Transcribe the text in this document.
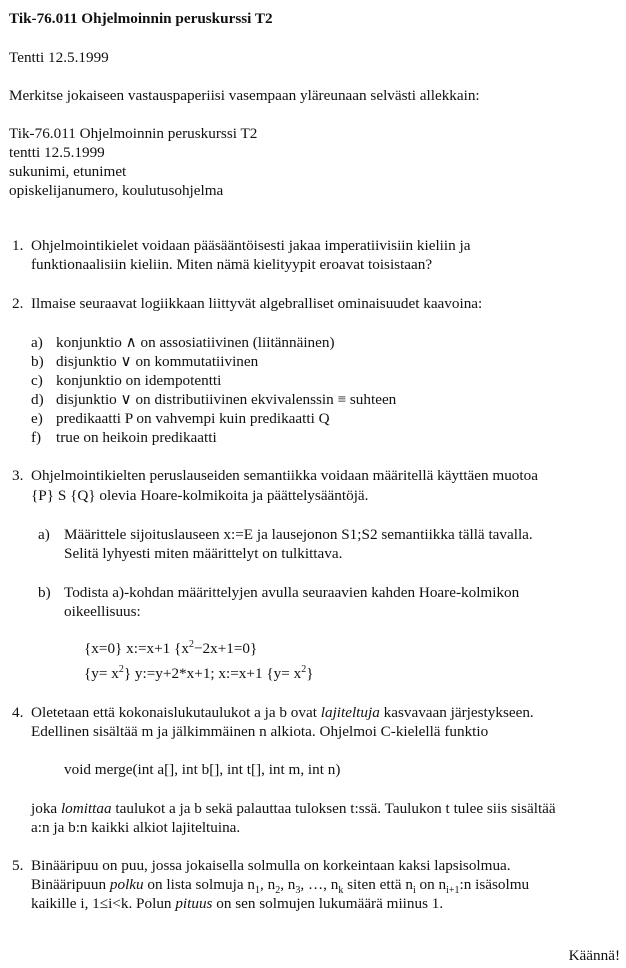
Tik-76.011 Ohjelmoinnin peruskurssi T2
Tentti 12.5.1999
Merkitse jokaiseen vastauspaperiisi vasempaan yläreunaan selvästi allekkain:
Tik-76.011 Ohjelmoinnin peruskurssi T2
tentti 12.5.1999
sukunimi, etunimet
opiskelijanumero, koulutusohjelma
1. Ohjelmointikielet voidaan pääsääntöisesti jakaa imperatiivisiin kieliin ja
funktionaalisiin kieliin. Miten nämä kielityypit eroavat toisistaan?
2. Ilmaise seuraavat logiikkaan liittyvät algebralliset ominaisuudet kaavoina:
a) konjunktio ∧ on assosiatiivinen (liitännäinen)
b) disjunktio ∨ on kommutatiivinen
c) konjunktio on idempotentti
d) disjunktio ∨ on distributiivinen ekvivalenssin ≡ suhteen
e) predikaatti P on vahvempi kuin predikaatti Q
f) true on heikoin predikaatti
3. Ohjelmointikielten peruslauseiden semantiikka voidaan määritellä käyttäen muotoa
{P} S {Q} olevia Hoare-kolmikoita ja päättelysääntöjä.
a) Määrittele sijoituslauseen x:=E ja lausejonon S1;S2 semantiikka tällä tavalla.
Selitä lyhyesti miten määrittelyt on tulkittava.
b) Todista a)-kohdan määrittelyjen avulla seuraavien kahden Hoare-kolmikon
oikeellisuus:
{x=0} x:=x+1 $\{x^2-2x+1=0\}$
$\{y= x^2\}$ y:=y+2*x+1; x:=x+1 $\{y= x^2\}$
4. Oletetaan että kokonaislukutaulukot a ja b ovat lajiteltuja kasvavaan järjestykseen.
Edellinen sisältää m ja jälkimmäinen n alkiota. Ohjelmoi C-kielellä funktio
void merge(int a[], int b[], int t[], int m, int n)
joka lomittaa taulukot a ja b sekä palauttaa tuloksen t:ssä. Taulukon t tulee siis sisältää
a:n ja b:n kaikki alkiot lajiteltuina.
5. Binääripuu on puu, jossa jokaisella solmulla on korkeintaan kaksi lapsisolmua.
Binääripuun polku on lista solmuja $n_1$, $n_2$, $n_3$, …, $n_k$ siten että $n_i$ on $n_{i+1}:n$ isäsolmu
kaikille i, 1≤i<k. Polun pituus on sen solmujen lukumäärä miinus 1.
Käännä!
